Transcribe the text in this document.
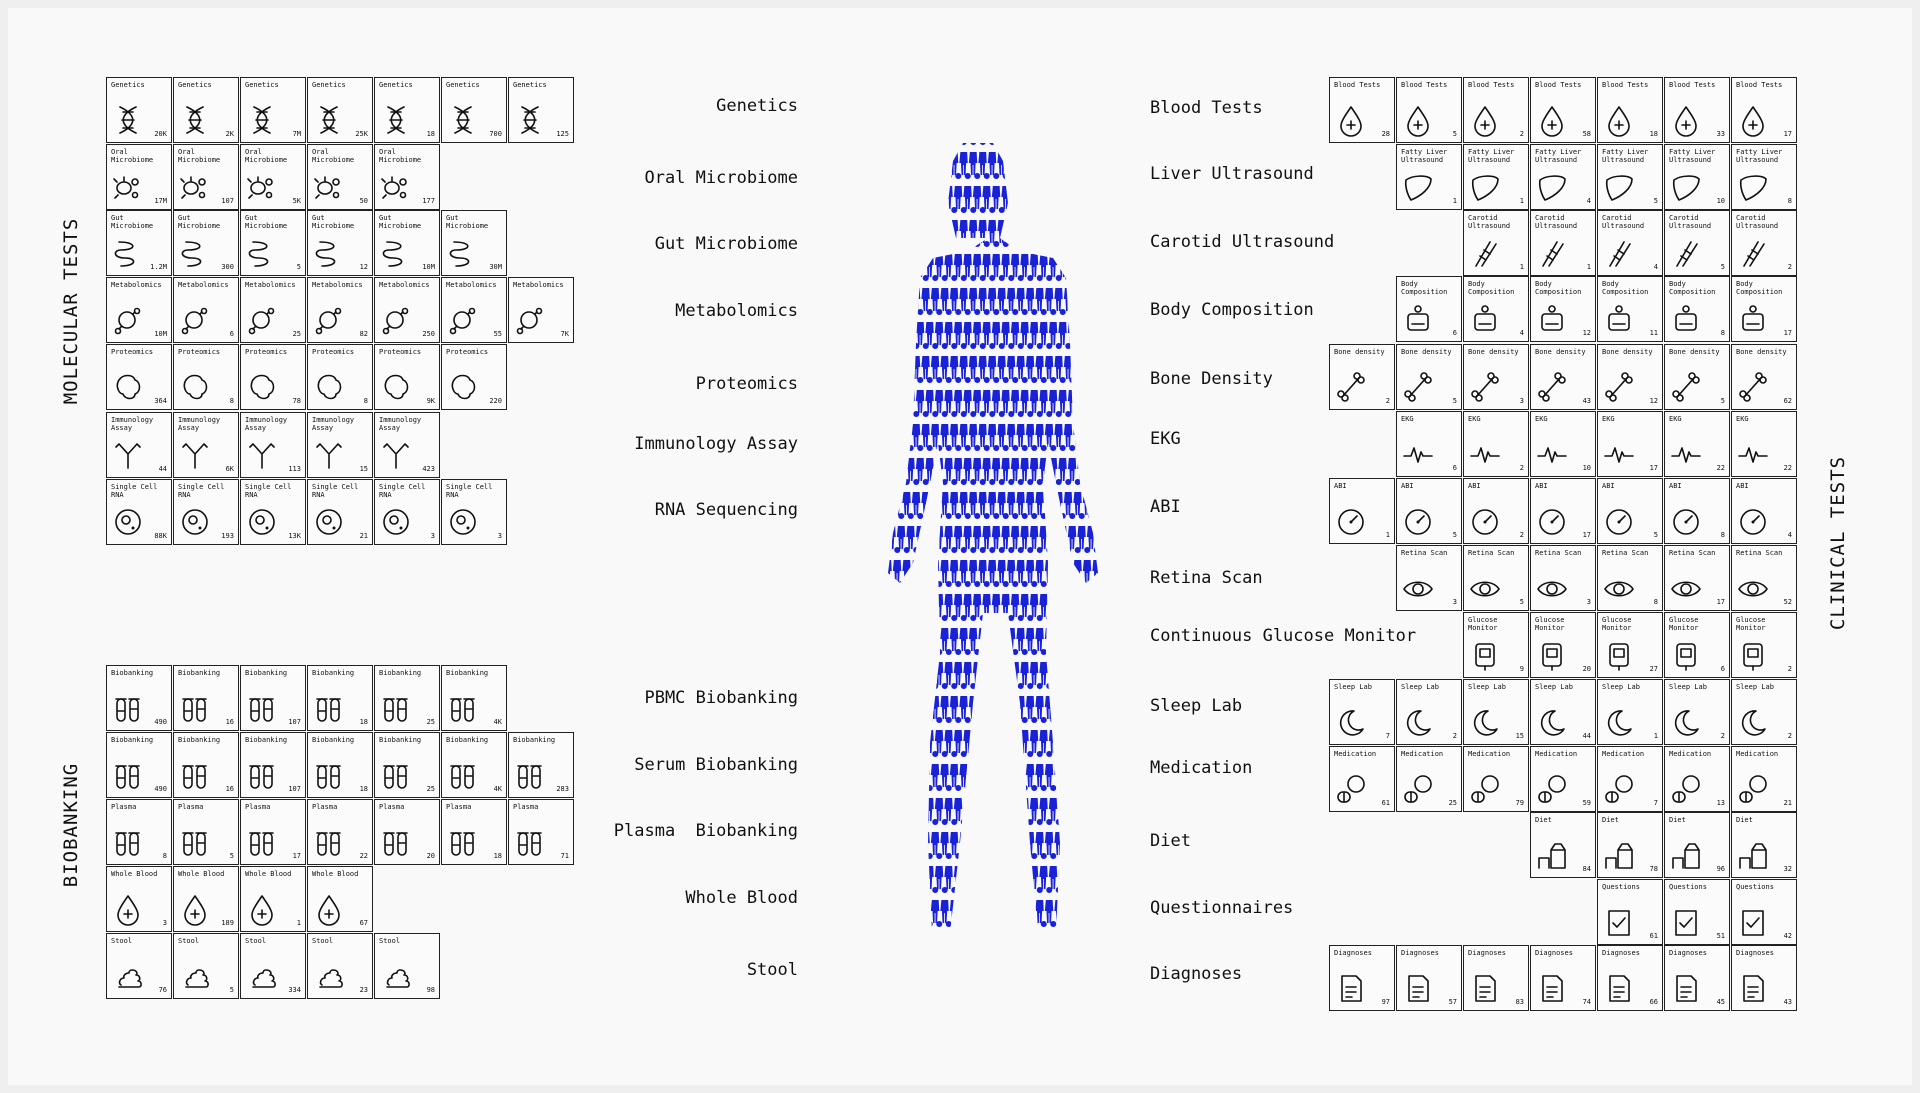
MOLECULAR TESTS
BIOBANKING
CLINICAL TESTS
Genetics
20K
Genetics
2K
Genetics
7M
Genetics
25K
Genetics
18
Genetics
700
Genetics
125
Oral Microbiome
17M
Oral Microbiome
107
Oral Microbiome
5K
Oral Microbiome
50
Oral Microbiome
177
Gut Microbiome
1.2M
Gut Microbiome
300
Gut Microbiome
5
Gut Microbiome
12
Gut Microbiome
10M
Gut Microbiome
30M
Metabolomics
10M
Metabolomics
6
Metabolomics
25
Metabolomics
82
Metabolomics
250
Metabolomics
55
Metabolomics
7K
Proteomics
364
Proteomics
8
Proteomics
78
Proteomics
8
Proteomics
9K
Proteomics
220
Immunology Assay
44
Immunology Assay
6K
Immunology Assay
113
Immunology Assay
15
Immunology Assay
423
Single Cell RNA
88K
Single Cell RNA
193
Single Cell RNA
13K
Single Cell RNA
21
Single Cell RNA
3
Single Cell RNA
3
Biobanking
490
Biobanking
16
Biobanking
107
Biobanking
18
Biobanking
25
Biobanking
4K
Biobanking
490
Biobanking
16
Biobanking
107
Biobanking
18
Biobanking
25
Biobanking
4K
Biobanking
283
Plasma
8
Plasma
5
Plasma
17
Plasma
22
Plasma
20
Plasma
18
Plasma
71
Whole Blood
3
Whole Blood
189
Whole Blood
1
Whole Blood
67
Stool
76
Stool
5
Stool
334
Stool
23
Stool
98
Blood Tests
28
Blood Tests
5
Blood Tests
2
Blood Tests
58
Blood Tests
18
Blood Tests
33
Blood Tests
17
Fatty Liver Ultrasound
1
Fatty Liver Ultrasound
1
Fatty Liver Ultrasound
4
Fatty Liver Ultrasound
5
Fatty Liver Ultrasound
10
Fatty Liver Ultrasound
8
Carotid Ultrasound
1
Carotid Ultrasound
1
Carotid Ultrasound
4
Carotid Ultrasound
5
Carotid Ultrasound
2
Body Composition
6
Body Composition
4
Body Composition
12
Body Composition
11
Body Composition
8
Body Composition
17
Bone density
2
Bone density
5
Bone density
3
Bone density
43
Bone density
12
Bone density
5
Bone density
62
EKG
6
EKG
2
EKG
10
EKG
17
EKG
22
EKG
22
ABI
1
ABI
5
ABI
2
ABI
17
ABI
5
ABI
8
ABI
4
Retina Scan
3
Retina Scan
5
Retina Scan
3
Retina Scan
8
Retina Scan
17
Retina Scan
52
Glucose Monitor
9
Glucose Monitor
20
Glucose Monitor
27
Glucose Monitor
6
Glucose Monitor
2
Sleep Lab
7
Sleep Lab
2
Sleep Lab
15
Sleep Lab
44
Sleep Lab
1
Sleep Lab
2
Sleep Lab
2
Medication
61
Medication
25
Medication
79
Medication
59
Medication
7
Medication
13
Medication
21
Diet
84
Diet
78
Diet
96
Diet
32
Questions
61
Questions
51
Questions
42
Diagnoses
97
Diagnoses
57
Diagnoses
83
Diagnoses
74
Diagnoses
66
Diagnoses
45
Diagnoses
43
Genetics
Oral Microbiome
Gut Microbiome
Metabolomics
Proteomics
Immunology Assay
RNA Sequencing
PBMC Biobanking
Serum Biobanking
Plasma  Biobanking
Whole Blood
Stool
Blood Tests
Liver Ultrasound
Carotid Ultrasound
Body Composition
Bone Density
EKG
ABI
Retina Scan
Continuous Glucose Monitor
Sleep Lab
Medication
Diet
Questionnaires
Diagnoses
